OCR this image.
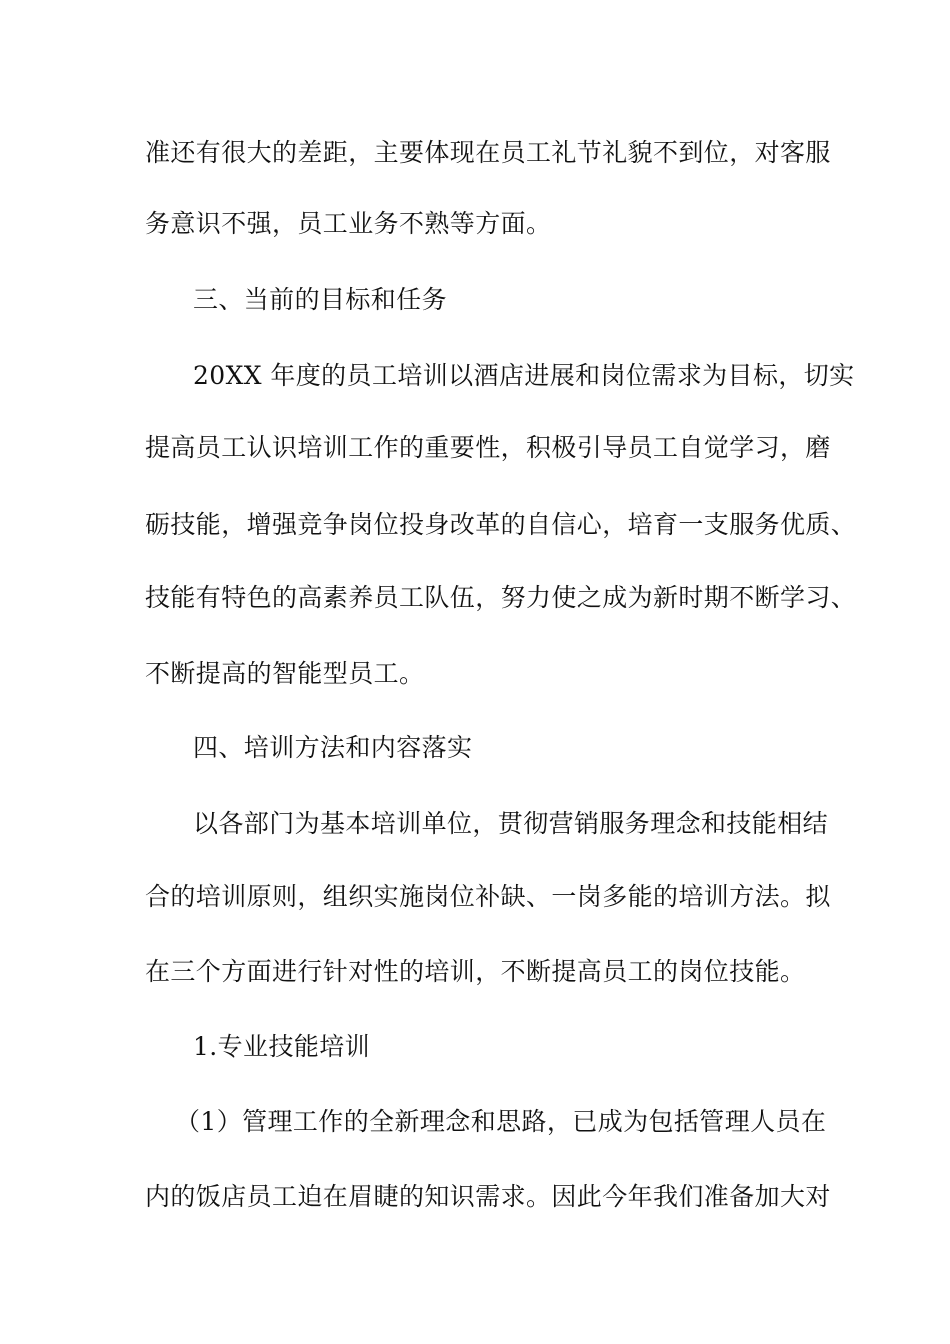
准还有很大的差距，主要体现在员工礼节礼貌不到位，对客服
务意识不强，员工业务不熟等方面。
三、当前的目标和任务
20XX 年度的员工培训以酒店进展和岗位需求为目标，切实
提高员工认识培训工作的重要性，积极引导员工自觉学习，磨
砺技能，增强竞争岗位投身改革的自信心，培育一支服务优质、
技能有特色的高素养员工队伍，努力使之成为新时期不断学习、
不断提高的智能型员工。
四、培训方法和内容落实
以各部门为基本培训单位，贯彻营销服务理念和技能相结
合的培训原则，组织实施岗位补缺、一岗多能的培训方法。拟
在三个方面进行针对性的培训，不断提高员工的岗位技能。
1.专业技能培训
（1）管理工作的全新理念和思路，已成为包括管理人员在
内的饭店员工迫在眉睫的知识需求。因此今年我们准备加大对
